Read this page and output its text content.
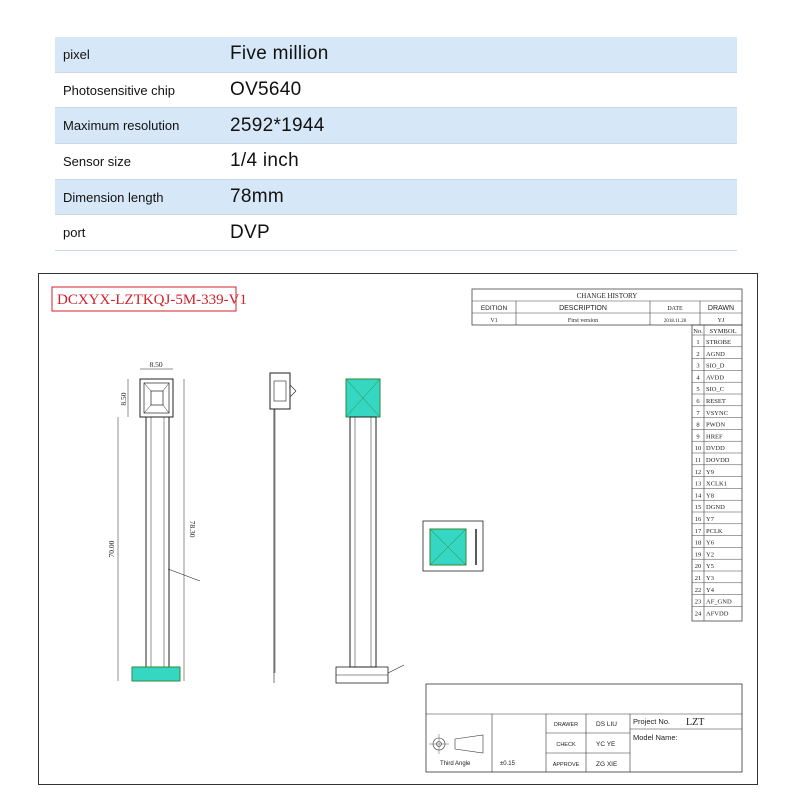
pixel	Five million
Photosensitive chip	OV5640
Maximum resolution	2592*1944
Sensor size	1/4 inch
Dimension length	78mm
port	DVP
DCXYX-LZTKQJ-5M-339-V1	CHANGE HISTORY
EDITION	DESCRIPTION	DATE	DRAWN
V1	First version	2018.11.28	YJ
No. SYMBOL
1 STROBE
2 AGND
3 SIO_D
4 AVDD
5 SIO_C
6 RESET
7 VSYNC
8 PWDN
9 HREF
10 DVDD
11 DOVDD
12 Y9
13 XCLK1
14 Y8
15 DGND
16 Y7
17 PCLK
18 Y6
19 Y2
20 Y5
21 Y3
22 Y4
23 AF_GND
24 AFVDD
8.50
8.50
78.30
70.00
DRAWER	DS LIU
CHECK	YC YE
APPROVE	ZG XIE
Project No. LZT
Model Name:
Third Angle	±0.15
